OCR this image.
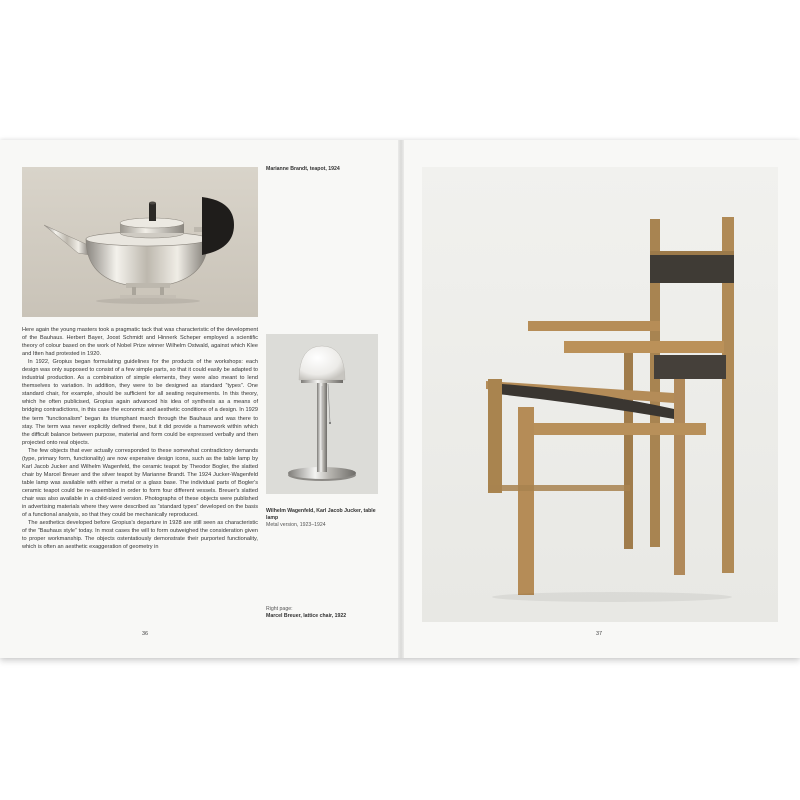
Marianne Brandt, teapot, 1924
Wilhelm Wagenfeld, Karl Jacob Jucker, table lamp
Metal version, 1923–1924

Here again the young masters took a pragmatic tack that was characteristic of the development of the Bauhaus. Herbert Bayer, Joost Schmidt and Hinnerk Scheper employed a scientific theory of colour based on the work of Nobel Prize winner Wilhelm Ostwald, against which Klee and Itten had protested in 1920.

In 1922, Gropius began formulating guidelines for the products of the workshops: each design was only supposed to consist of a few simple parts, so that it could easily be adapted to industrial production. As a combination of simple elements, they were also meant to lend themselves to variation. In addition, they were to be designed as standard “types”. One standard chair, for example, should be sufficient for all seating requirements. In this theory, which he often publicised, Gropius again advanced his idea of synthesis as a means of bridging contradictions, in this case the economic and aesthetic conditions of a design. In 1929 the term “functionalism” began its triumphant march through the Bauhaus and was there to stay. The term was never explicitly defined there, but it did provide a framework within which the difficult balance between purpose, material and form could be expressed verbally and then projected onto real objects.

The few objects that ever actually corresponded to these somewhat contradictory demands (type, primary form, functionality) are now expensive design icons, such as the table lamp by Karl Jacob Jucker and Wilhelm Wagenfeld, the ceramic teapot by Theodor Bogler, the slatted chair by Marcel Breuer and the silver teapot by Marianne Brandt. The 1924 Jucker-Wagenfeld table lamp was available with either a metal or a glass base. The individual parts of Bogler's ceramic teapot could be re-assembled in order to form four different vessels. Breuer's slatted chair was also available in a child-sized version. Photographs of these objects were published in advertising materials where they were described as “standard types” developed on the basis of a functional analysis, so that they could be mechanically reproduced.

The aesthetics developed before Gropius's departure in 1928 are still seen as characteristic of the “Bauhaus style” today. In most cases the will to form outweighed the consideration given to proper workmanship. The objects ostentatiously demonstrate their purported functionality, which is often an aesthetic exaggeration of geometry in

36
Right page:
Marcel Breuer, lattice chair, 1922
37
